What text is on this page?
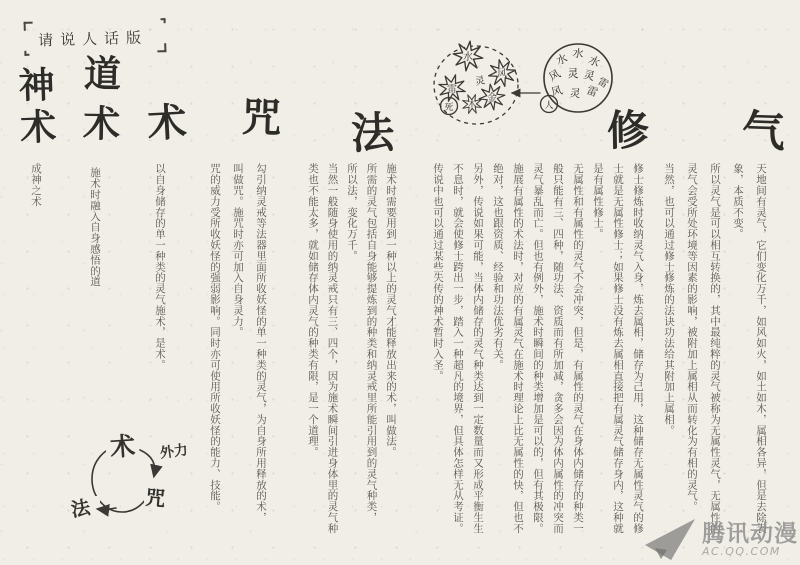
请说人话版
神术 道术 术 咒 法	修 气
水
风
雷
金
木
灵
死
水 水 水
风 灵 灵
风 灵 雷
雷
人

天地间有灵气，它们变化万千，如风如火，如土如木，属相各异，但是去除表

象，本质不变。

所以灵气是可以相互转换的，其中最纯粹的灵气被称为无属性灵气，无属性的

灵气会受所处环境等因素的影响，被附加上属相从而转化为有相的灵气。

当然，也可以通过修士修炼的法诀功法给其附加上属相。

修士修炼时收纳灵气入身，炼去属相，储存为己用，这种储存无属性灵气的修

士就是无属性修士；如果修士没有炼去属相直接把有属灵气储存身内，这种就

是有属性修士。

无属性和有属性的灵气不会冲突，但是，有属性的灵气在身体内储存的种类一

般只能有三、四种，随功法、资质而有所加减，贪多会因为体内属性的冲突而

灵气暴乱而亡。但也有例外，施术时瞬间的种类增加是可以的，但有其极限。

施展有属性的术法时，对应的有属灵气在施术时理论上比无属性的快，但也不

绝对，这也跟资质、经验和功法优劣有关。

另外，传说如果可能，当体内储存的灵气种类达到一定数量而又形成平衡生生

不息时，就会使修士跨出一步，踏入一种超凡的境界，但具体怎样无从考证。

传说中也可以通过某些失传的神术暂时入圣。

施术时需要用到一种以上的灵气才能释放出来的术，叫做法。

所需的灵气包括自身能够提炼到的种类和纳灵戒里所能引用到的灵气种类，

所以法，变化万千。

当然一般随身使用的纳灵戒只有三、四个，因为施术瞬间引进身体里的灵气种

类也不能太多，就如储存体内灵气的种类有限，是一个道理。

勾引纳灵戒等法器里面所收妖怪的单一种类的灵气，为自身所用释放的术，

叫做咒。施咒时亦可加入自身灵力。

咒的威力受所收妖怪的强弱影响。同时亦可使用所收妖怪的能力、技能。

以自身储存的单一种类的灵气施术，是术。

施术时融入自身感悟的道

成神之术

术 外力
咒
法
腾讯动漫
AC.QQ.COM
